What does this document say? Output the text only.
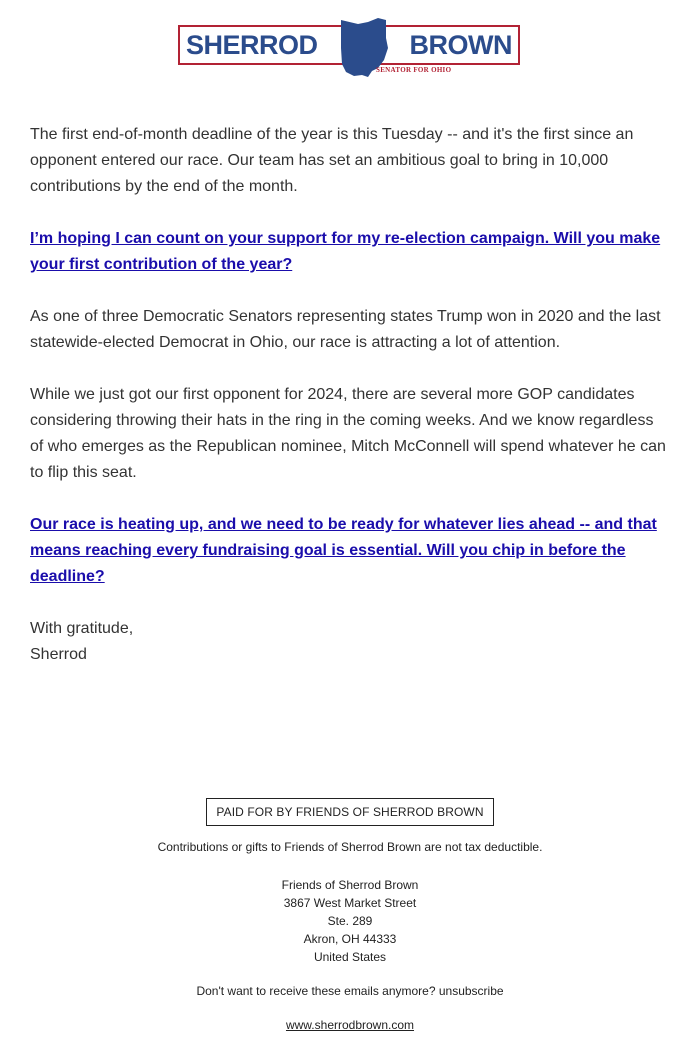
SHERROD	BROWN
SENATOR FOR OHIO

The first end-of-month deadline of the year is this Tuesday -- and it's the first since an opponent entered our race. Our team has set an ambitious goal to bring in 10,000 contributions by the end of the month.

I’m hoping I can count on your support for my re-election campaign. Will you make your first contribution of the year?

As one of three Democratic Senators representing states Trump won in 2020 and the last statewide-elected Democrat in Ohio, our race is attracting a lot of attention.

While we just got our first opponent for 2024, there are several more GOP candidates considering throwing their hats in the ring in the coming weeks. And we know regardless of who emerges as the Republican nominee, Mitch McConnell will spend whatever he can to flip this seat.

Our race is heating up, and we need to be ready for whatever lies ahead -- and that means reaching every fundraising goal is essential. Will you chip in before the deadline?

With gratitude,

Sherrod

PAID FOR BY FRIENDS OF SHERROD BROWN
Contributions or gifts to Friends of Sherrod Brown are not tax deductible.
Friends of Sherrod Brown
3867 West Market Street
Ste. 289
Akron, OH 44333
United States
Don't want to receive these emails anymore? unsubscribe
www.sherrodbrown.com
